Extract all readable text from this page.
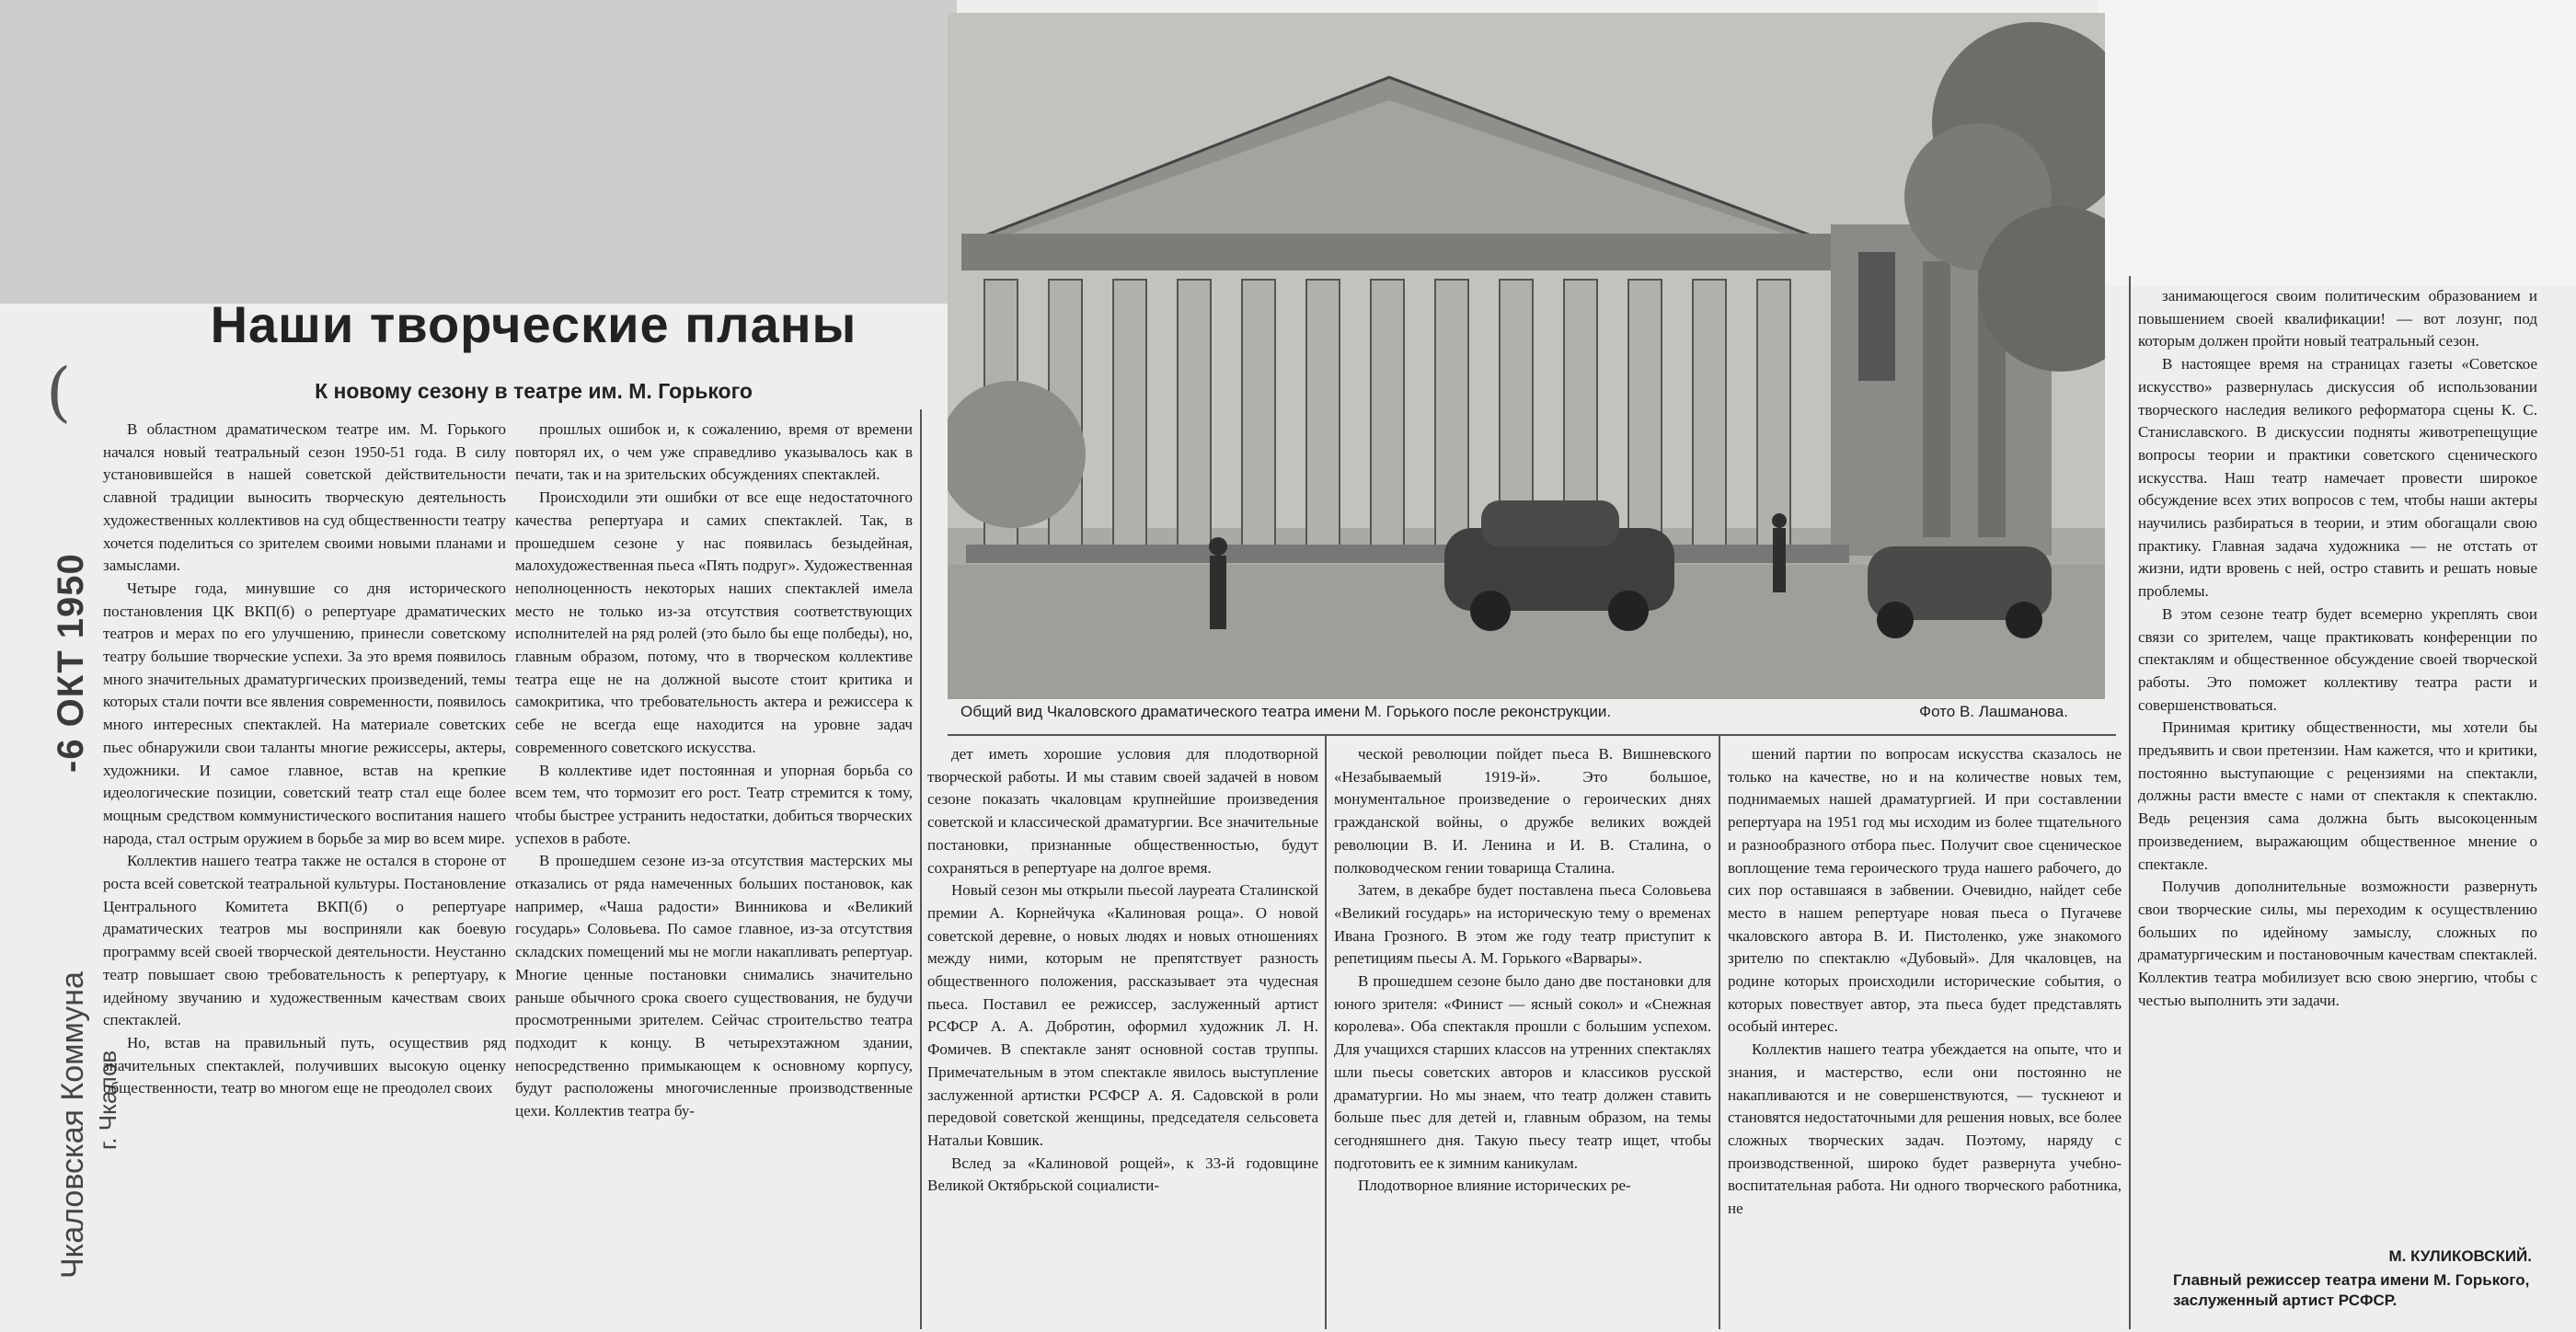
(
-6 ОКТ 1950
Чкаловская Коммуна г. Чкалов
Наши творческие планы
К новому сезону в театре им. М. Горького
Общий вид Чкаловского драматического театра имени М. Горького после реконструкции.	Фото В. Лашманова.

В областном драматическом театре им. М. Горького начался новый театральный сезон 1950-51 года. В силу установившейся в нашей советской действительности славной традиции выносить творческую деятельность художественных коллективов на суд общественности театру хочется поделиться со зрителем своими новыми планами и замыслами.

Четыре года, минувшие со дня исторического постановления ЦК ВКП(б) о репертуаре драматических театров и мерах по его улучшению, принесли советскому театру большие творческие успехи. За это время появилось много значительных драматургических произведений, темы которых стали почти все явления современности, появилось много интересных спектаклей. На материале советских пьес обнаружили свои таланты многие режиссеры, актеры, художники. И самое главное, встав на крепкие идеологические позиции, советский театр стал еще более мощным средством коммунистического воспитания нашего народа, стал острым оружием в борьбе за мир во всем мире.

Коллектив нашего театра также не остался в стороне от роста всей советской театральной культуры. Постановление Центрального Комитета ВКП(б) о репертуаре драматических театров мы восприняли как боевую программу всей своей творческой деятельности. Неустанно театр повышает свою требовательность к репертуару, к идейному звучанию и художественным качествам своих спектаклей.

Но, встав на правильный путь, осуществив ряд значительных спектаклей, получивших высокую оценку общественности, театр во многом еще не преодолел своих

прошлых ошибок и, к сожалению, время от времени повторял их, о чем уже справедливо указывалось как в печати, так и на зрительских обсуждениях спектаклей.

Происходили эти ошибки от все еще недостаточного качества репертуара и самих спектаклей. Так, в прошедшем сезоне у нас появилась безыдейная, малохудожественная пьеса «Пять подруг». Художественная неполноценность некоторых наших спектаклей имела место не только из-за отсутствия соответствующих исполнителей на ряд ролей (это было бы еще полбеды), но, главным образом, потому, что в творческом коллективе театра еще не на должной высоте стоит критика и самокритика, что требовательность актера и режиссера к себе не всегда еще находится на уровне задач современного советского искусства.

В коллективе идет постоянная и упорная борьба со всем тем, что тормозит его рост. Театр стремится к тому, чтобы быстрее устранить недостатки, добиться творческих успехов в работе.

В прошедшем сезоне из-за отсутствия мастерских мы отказались от ряда намеченных больших постановок, как например, «Чаша радости» Винникова и «Великий государь» Соловьева. По самое главное, из-за отсутствия складских помещений мы не могли накапливать репертуар. Многие ценные постановки снимались значительно раньше обычного срока своего существования, не будучи просмотренными зрителем. Сейчас строительство театра подходит к концу. В четырехэтажном здании, непосредственно примыкающем к основному корпусу, будут расположены многочисленные производственные цехи. Коллектив театра бу-

дет иметь хорошие условия для плодотворной творческой работы. И мы ставим своей задачей в новом сезоне показать чкаловцам крупнейшие произведения советской и классической драматургии. Все значительные постановки, признанные общественностью, будут сохраняться в репертуаре на долгое время.

Новый сезон мы открыли пьесой лауреата Сталинской премии А. Корнейчука «Калиновая роща». О новой советской деревне, о новых людях и новых отношениях между ними, которым не препятствует разность общественного положения, рассказывает эта чудесная пьеса. Поставил ее режиссер, заслуженный артист РСФСР А. А. Добротин, оформил художник Л. Н. Фомичев. В спектакле занят основной состав труппы. Примечательным в этом спектакле явилось выступление заслуженной артистки РСФСР А. Я. Садовской в роли передовой советской женщины, председателя сельсовета Натальи Ковшик.

Вслед за «Калиновой рощей», к 33-й годовщине Великой Октябрьской социалисти-

ческой революции пойдет пьеса В. Вишневского «Незабываемый 1919-й». Это большое, монументальное произведение о героических днях гражданской войны, о дружбе великих вождей революции В. И. Ленина и И. В. Сталина, о полководческом гении товарища Сталина.

Затем, в декабре будет поставлена пьеса Соловьева «Великий государь» на историческую тему о временах Ивана Грозного. В этом же году театр приступит к репетициям пьесы А. М. Горького «Варвары».

В прошедшем сезоне было дано две постановки для юного зрителя: «Финист — ясный сокол» и «Снежная королева». Оба спектакля прошли с большим успехом. Для учащихся старших классов на утренних спектаклях шли пьесы советских авторов и классиков русской драматургии. Но мы знаем, что театр должен ставить больше пьес для детей и, главным образом, на темы сегодняшнего дня. Такую пьесу театр ищет, чтобы подготовить ее к зимним каникулам.

Плодотворное влияние исторических ре-

шений партии по вопросам искусства сказалось не только на качестве, но и на количестве новых тем, поднимаемых нашей драматургией. И при составлении репертуара на 1951 год мы исходим из более тщательного и разнообразного отбора пьес. Получит свое сценическое воплощение тема героического труда нашего рабочего, до сих пор оставшаяся в забвении. Очевидно, найдет себе место в нашем репертуаре новая пьеса о Пугачеве чкаловского автора В. И. Пистоленко, уже знакомого зрителю по спектаклю «Дубовый». Для чкаловцев, на родине которых происходили исторические события, о которых повествует автор, эта пьеса будет представлять особый интерес.

Коллектив нашего театра убеждается на опыте, что и знания, и мастерство, если они постоянно не накапливаются и не совершенствуются, — тускнеют и становятся недостаточными для решения новых, все более сложных творческих задач. Поэтому, наряду с производственной, широко будет развернута учебно-воспитательная работа. Ни одного творческого работника, не

занимающегося своим политическим образованием и повышением своей квалификации! — вот лозунг, под которым должен пройти новый театральный сезон.

В настоящее время на страницах газеты «Советское искусство» развернулась дискуссия об использовании творческого наследия великого реформатора сцены К. С. Станиславского. В дискуссии подняты животрепещущие вопросы теории и практики советского сценического искусства. Наш театр намечает провести широкое обсуждение всех этих вопросов с тем, чтобы наши актеры научились разбираться в теории, и этим обогащали свою практику. Главная задача художника — не отстать от жизни, идти вровень с ней, остро ставить и решать новые проблемы.

В этом сезоне театр будет всемерно укреплять свои связи со зрителем, чаще практиковать конференции по спектаклям и общественное обсуждение своей творческой работы. Это поможет коллективу театра расти и совершенствоваться.

Принимая критику общественности, мы хотели бы предъявить и свои претензии. Нам кажется, что и критики, постоянно выступающие с рецензиями на спектакли, должны расти вместе с нами от спектакля к спектаклю. Ведь рецензия сама должна быть высокоценным произведением, выражающим общественное мнение о спектакле.

Получив дополнительные возможности развернуть свои творческие силы, мы переходим к осуществлению больших по идейному замыслу, сложных по драматургическим и постановочным качествам спектаклей. Коллектив театра мобилизует всю свою энергию, чтобы с честью выполнить эти задачи.

М. КУЛИКОВСКИЙ.
Главный режиссер театра имени М. Горького, заслуженный артист РСФСР.
